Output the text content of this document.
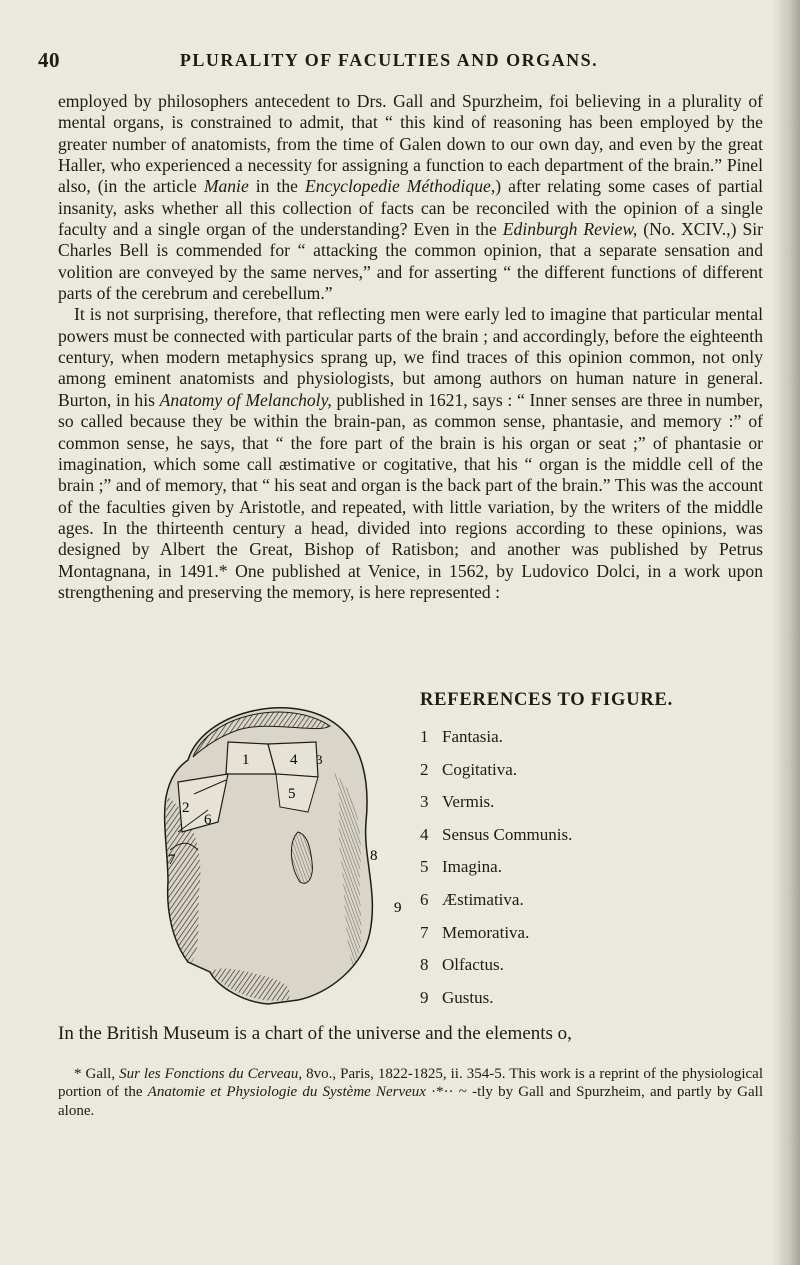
40	PLURALITY OF FACULTIES AND ORGANS.

employed by philosophers antecedent to Drs. Gall and Spurzheim, foi believing in a plurality of mental organs, is constrained to admit, that “ this kind of reasoning has been employed by the greater number of anatomists, from the time of Galen down to our own day, and even by the great Haller, who experienced a necessity for assigning a function to each department of the brain.” Pinel also, (in the article Manie in the Encyclopedie Méthodique,) after relating some cases of partial insanity, asks whether all this collection of facts can be reconciled with the opinion of a single faculty and a single organ of the understanding? Even in the Edinburgh Review, (No. XCIV.,) Sir Charles Bell is commended for “ attacking the common opinion, that a separate sensation and volition are conveyed by the same nerves,” and for asserting “ the different functions of different parts of the cerebrum and cerebellum.”

It is not surprising, therefore, that reflecting men were early led to imagine that particular mental powers must be connected with particular parts of the brain ; and accordingly, before the eighteenth century, when modern metaphysics sprang up, we find traces of this opinion common, not only among eminent anatomists and physiologists, but among authors on human nature in general. Burton, in his Anatomy of Melancholy, published in 1621, says : “ Inner senses are three in number, so called because they be within the brain-pan, as common sense, phantasie, and memory :” of common sense, he says, that “ the fore part of the brain is his organ or seat ;” of phantasie or imagination, which some call æstimative or cogitative, that his “ organ is the middle cell of the brain ;” and of memory, that “ his seat and organ is the back part of the brain.” This was the account of the faculties given by Aristotle, and repeated, with little variation, by the writers of the middle ages. In the thirteenth century a head, divided into regions according to these opinions, was designed by Albert the Great, Bishop of Ratisbon; and another was published by Petrus Montagnana, in 1491.* One published at Venice, in 1562, by Ludovico Dolci, in a work upon strengthening and preserving the memory, is here represented :

1	4
5
2
6
7	8
9
3
REFERENCES TO FIGURE.
1 Fantasia.
2 Cogitativa.
3 Vermis.
4 Sensus Communis.
5 Imagina.
6 Æstimativa.
7 Memorativa.
8 Olfactus.
9 Gustus.
In the British Museum is a chart of the universe and the elements o,

* Gall, Sur les Fonctions du Cerveau, 8vo., Paris, 1822-1825, ii. 354-5. This work is a reprint of the physiological portion of the Anatomie et Physiologie du Système Nerveux ·*·· ~ -tly by Gall and Spurzheim, and partly by Gall alone.
